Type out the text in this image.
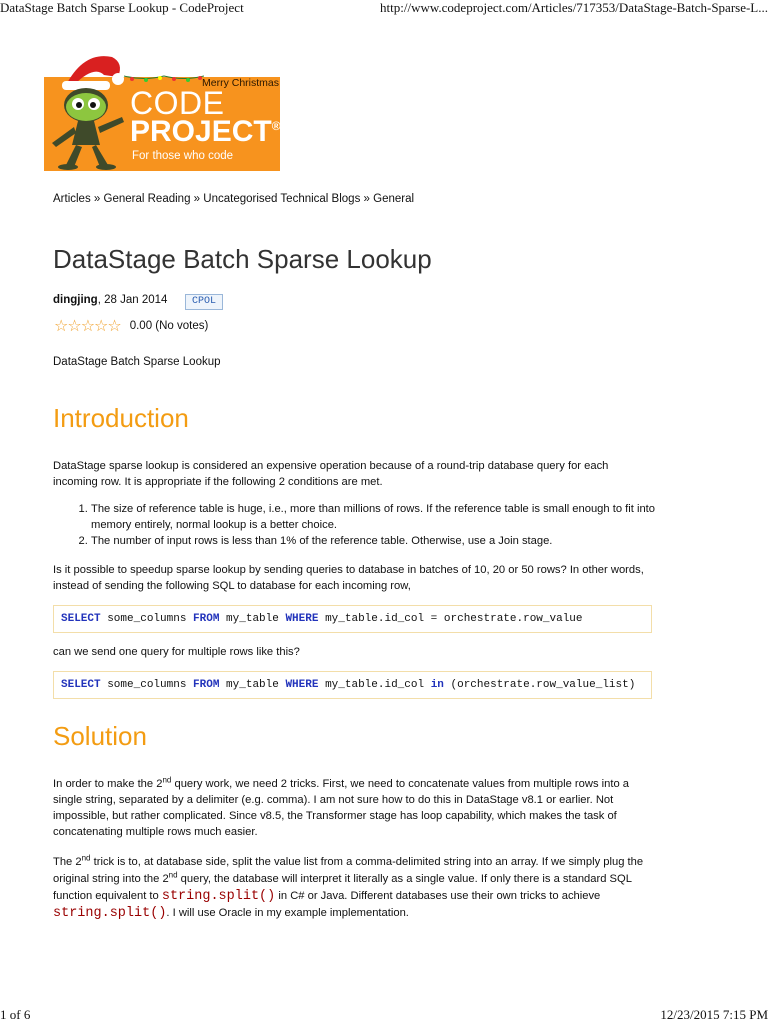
DataStage Batch Sparse Lookup - CodeProject	http://www.codeproject.com/Articles/717353/DataStage-Batch-Sparse-L...
Merry Christmas
CODE
PROJECT®
For those who code
Articles » General Reading » Uncategorised Technical Blogs » General
DataStage Batch Sparse Lookup
dingjing, 28 Jan 2014	CPOL
☆☆☆☆☆ 0.00 (No votes)
DataStage Batch Sparse Lookup
Introduction

DataStage sparse lookup is considered an expensive operation because of a round-trip database query for each incoming row. It is appropriate if the following 2 conditions are met.

1. The size of reference table is huge, i.e., more than millions of rows. If the reference table is small enough to fit into memory entirely, normal lookup is a better choice.
2. The number of input rows is less than 1% of the reference table. Otherwise, use a Join stage.

Is it possible to speedup sparse lookup by sending queries to database in batches of 10, 20 or 50 rows? In other words, instead of sending the following SQL to database for each incoming row,

SELECT some_columns FROM my_table WHERE my_table.id_col = orchestrate.row_value

can we send one query for multiple rows like this?

SELECT some_columns FROM my_table WHERE my_table.id_col in (orchestrate.row_value_list)
Solution

In order to make the 2nd query work, we need 2 tricks. First, we need to concatenate values from multiple rows into a single string, separated by a delimiter (e.g. comma). I am not sure how to do this in DataStage v8.1 or earlier. Not impossible, but rather complicated. Since v8.5, the Transformer stage has loop capability, which makes the task of concatenating multiple rows much easier.

The 2nd trick is to, at database side, split the value list from a comma-delimited string into an array. If we simply plug the original string into the 2nd query, the database will interpret it literally as a single value. If only there is a standard SQL function equivalent to string.split() in C# or Java. Different databases use their own tricks to achieve string.split(). I will use Oracle in my example implementation.

1 of 6	12/23/2015 7:15 PM
